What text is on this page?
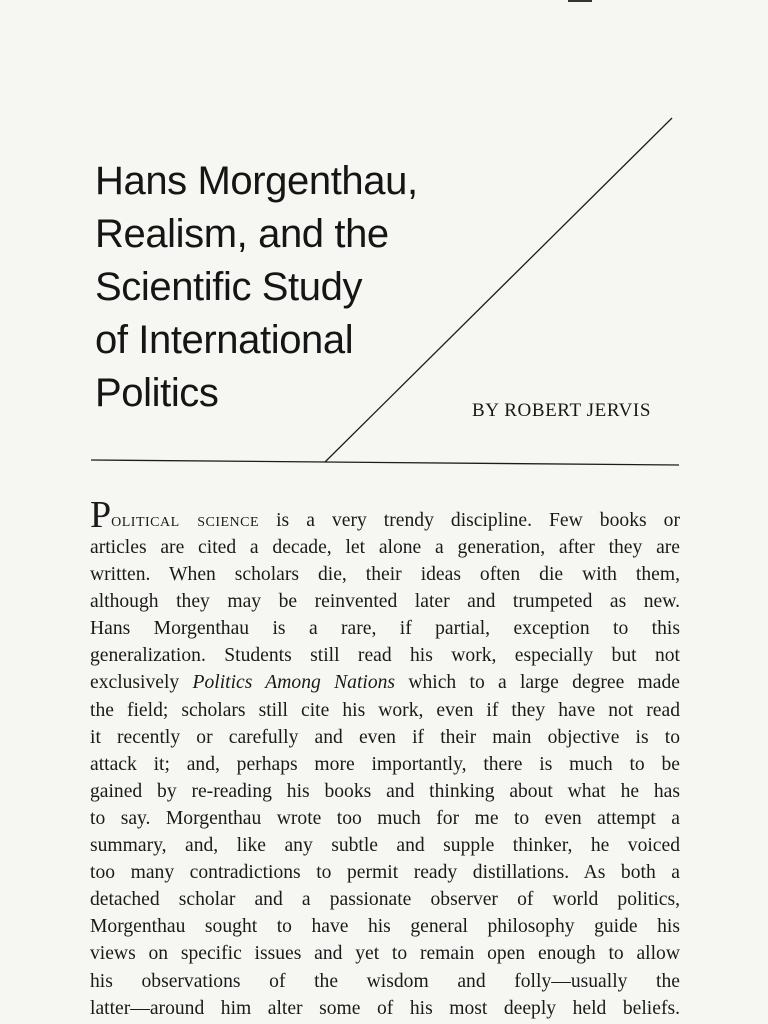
Hans Morgenthau,
Realism, and the
Scientific Study
of International
Politics	BY ROBERT JERVIS
Political science is a very trendy discipline. Few books or
articles are cited a decade, let alone a generation, after they are
written. When scholars die, their ideas often die with them,
although they may be reinvented later and trumpeted as new.
Hans Morgenthau is a rare, if partial, exception to this
generalization. Students still read his work, especially but not
exclusively Politics Among Nations which to a large degree made
the field; scholars still cite his work, even if they have not read
it recently or carefully and even if their main objective is to
attack it; and, perhaps more importantly, there is much to be
gained by re-reading his books and thinking about what he has
to say. Morgenthau wrote too much for me to even attempt a
summary, and, like any subtle and supple thinker, he voiced
too many contradictions to permit ready distillations. As both a
detached scholar and a passionate observer of world politics,
Morgenthau sought to have his general philosophy guide his
views on specific issues and yet to remain open enough to allow
his observations of the wisdom and folly—usually the
latter—around him alter some of his most deeply held beliefs.
